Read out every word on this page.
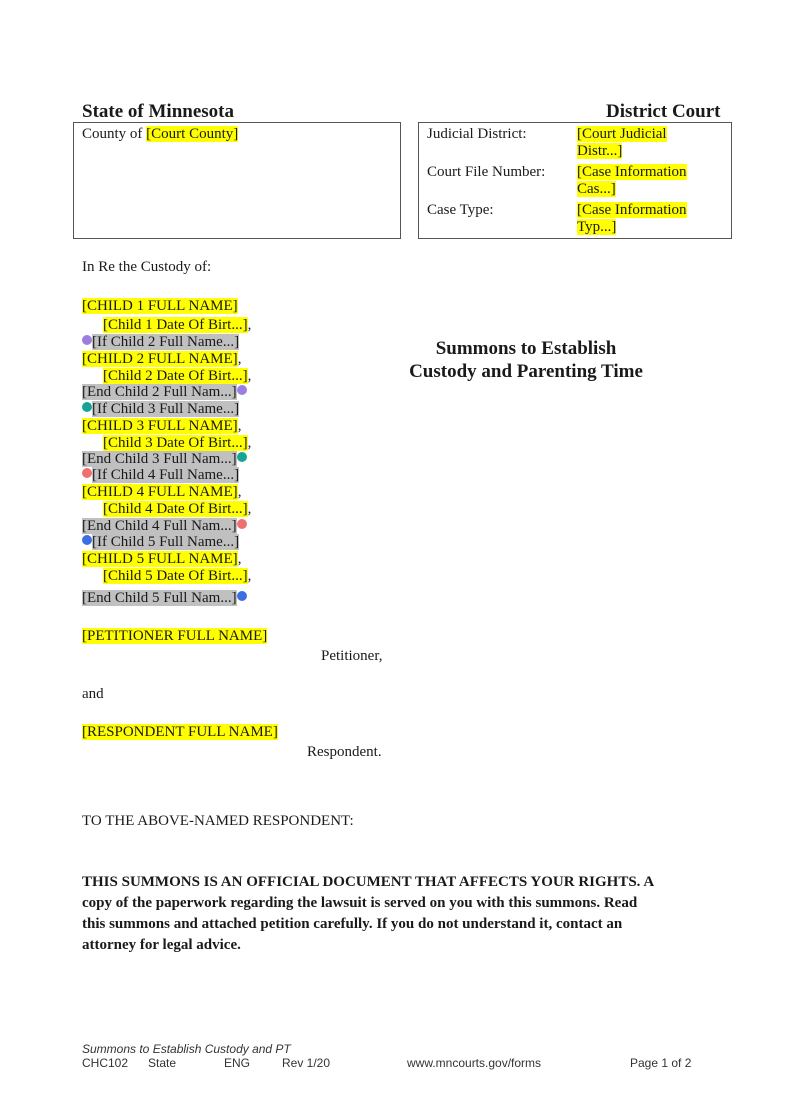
State of Minnesota	District Court
County of [Court County]	Judicial District:	[Court Judicial
Distr...]
Court File Number: [Case Information
Cas...]
Case Type:	[Case Information
Typ...]
In Re the Custody of:
[CHILD 1 FULL NAME]
[Child 1 Date Of Birt...],
[If Child 2 Full Name...]
[CHILD 2 FULL NAME],
[Child 2 Date Of Birt...],
[End Child 2 Full Nam...]
[If Child 3 Full Name...]
[CHILD 3 FULL NAME],
[Child 3 Date Of Birt...],
[End Child 3 Full Nam...]
[If Child 4 Full Name...]
[CHILD 4 FULL NAME],
[Child 4 Date Of Birt...],
[End Child 4 Full Nam...]
[If Child 5 Full Name...]
[CHILD 5 FULL NAME],
[Child 5 Date Of Birt...],
[End Child 5 Full Nam...]
[PETITIONER FULL NAME]
Petitioner,
and
[RESPONDENT FULL NAME]
Respondent.
Summons to Establish
Custody and Parenting Time
TO THE ABOVE-NAMED RESPONDENT:
THIS SUMMONS IS AN OFFICIAL DOCUMENT THAT AFFECTS YOUR RIGHTS. A
copy of the paperwork regarding the lawsuit is served on you with this summons. Read
this summons and attached petition carefully. If you do not understand it, contact an
attorney for legal advice.
Summons to Establish Custody and PT
CHC102 State	ENG	Rev 1/20	www.mncourts.gov/forms	Page 1 of 2
